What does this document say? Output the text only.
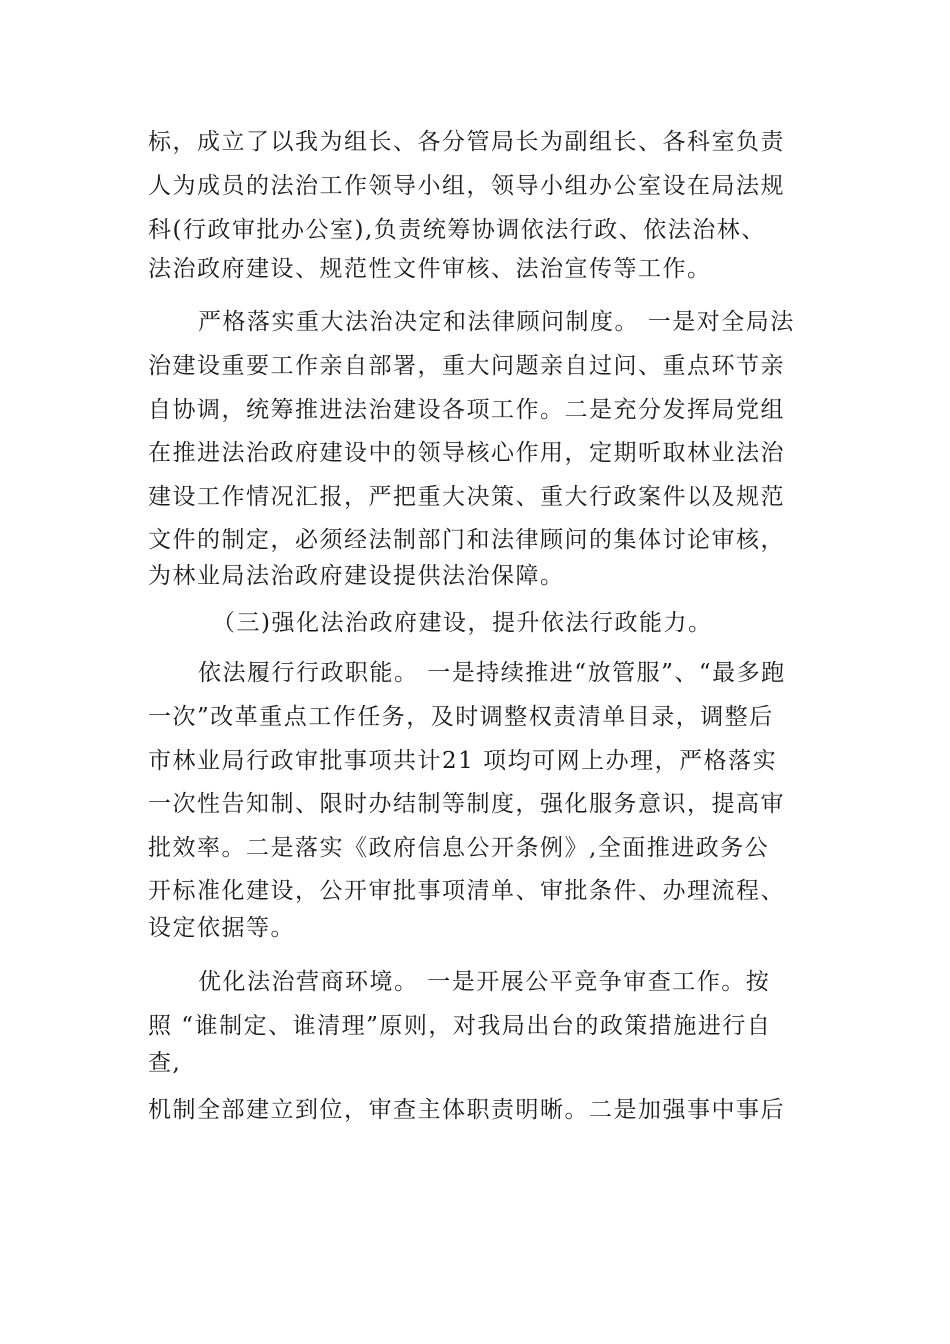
标，成立了以我为组长、各分管局长为副组长、各科室负责
人为成员的法治工作领导小组，领导小组办公室设在局法规
科(行政审批办公室),负责统筹协调依法行政、依法治林、
法治政府建设、规范性文件审核、法治宣传等工作。
严格落实重大法治决定和法律顾问制度。 一是对全局法
治建设重要工作亲自部署，重大问题亲自过问、重点环节亲
自协调，统筹推进法治建设各项工作。二是充分发挥局党组
在推进法治政府建设中的领导核心作用，定期听取林业法治
建设工作情况汇报，严把重大决策、重大行政案件以及规范
文件的制定，必须经法制部门和法律顾问的集体讨论审核，
为林业局法治政府建设提供法治保障。
（三)强化法治政府建设，提升依法行政能力。
依法履行行政职能。 一是持续推进“放管服”、“最多跑
一次”改革重点工作任务，及时调整权责清单目录，调整后
市林业局行政审批事项共计21 项均可网上办理，严格落实
一次性告知制、限时办结制等制度，强化服务意识，提高审
批效率。二是落实《政府信息公开条例》,全面推进政务公
开标准化建设，公开审批事项清单、审批条件、办理流程、
设定依据等。
优化法治营商环境。 一是开展公平竞争审查工作。按
照 “谁制定、谁清理”原则，对我局出台的政策措施进行自
查,
机制全部建立到位，审查主体职责明晰。二是加强事中事后
